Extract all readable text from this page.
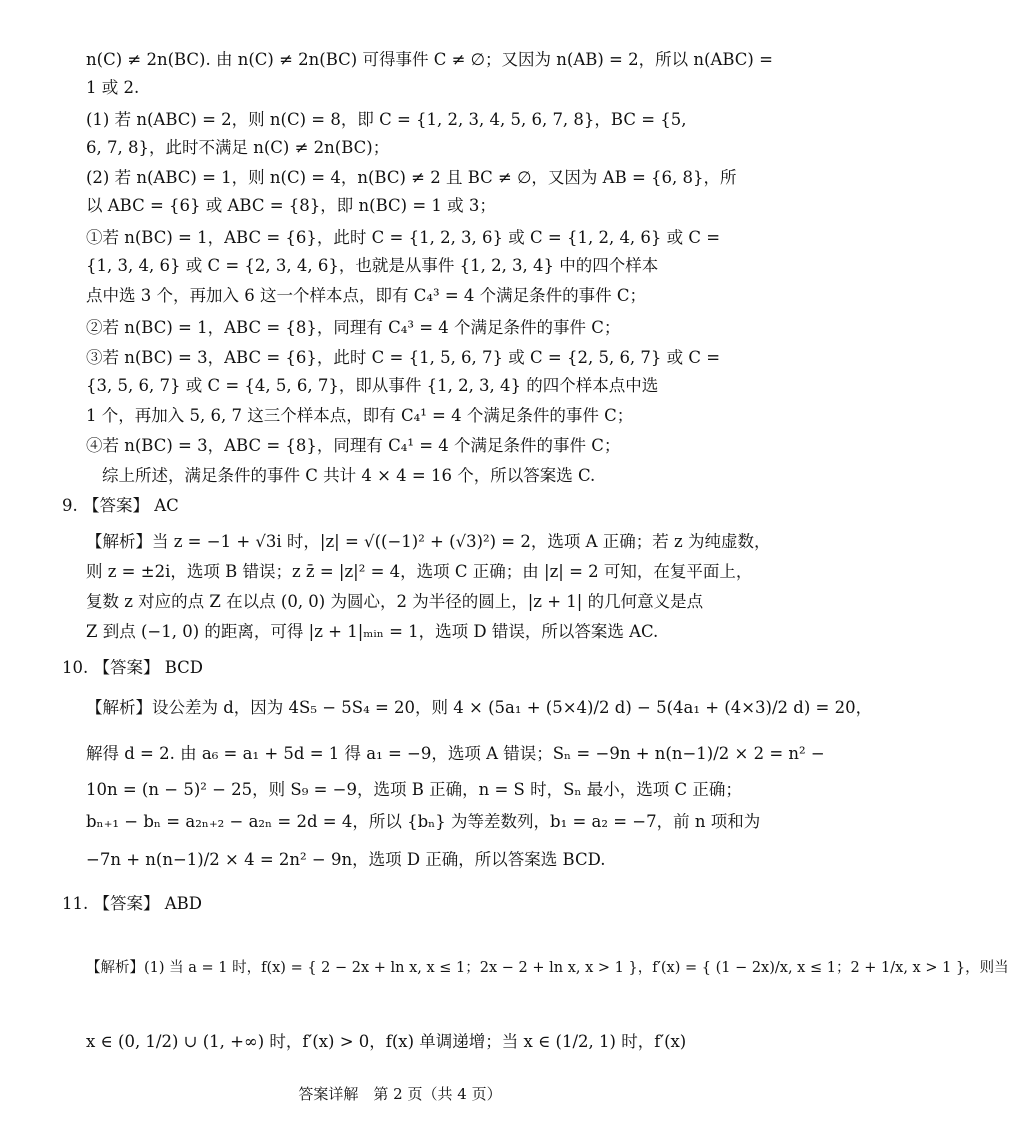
n(C) ≠ 2n(BC). 由 n(C) ≠ 2n(BC) 可得事件 C ≠ ∅；又因为 n(AB) = 2，所以 n(ABC) =
1 或 2.
(1) 若 n(ABC) = 2，则 n(C) = 8，即 C = {1, 2, 3, 4, 5, 6, 7, 8}，BC = {5,
6, 7, 8}，此时不满足 n(C) ≠ 2n(BC)；
(2) 若 n(ABC) = 1，则 n(C) = 4，n(BC) ≠ 2 且 BC ≠ ∅，又因为 AB = {6, 8}，所
以 ABC = {6} 或 ABC = {8}，即 n(BC) = 1 或 3；
①若 n(BC) = 1，ABC = {6}，此时 C = {1, 2, 3, 6} 或 C = {1, 2, 4, 6} 或 C =
{1, 3, 4, 6} 或 C = {2, 3, 4, 6}，也就是从事件 {1, 2, 3, 4} 中的四个样本
点中选 3 个，再加入 6 这一个样本点，即有 C₄³ = 4 个满足条件的事件 C；
②若 n(BC) = 1，ABC = {8}，同理有 C₄³ = 4 个满足条件的事件 C；
③若 n(BC) = 3，ABC = {6}，此时 C = {1, 5, 6, 7} 或 C = {2, 5, 6, 7} 或 C =
{3, 5, 6, 7} 或 C = {4, 5, 6, 7}，即从事件 {1, 2, 3, 4} 的四个样本点中选
1 个，再加入 5, 6, 7 这三个样本点，即有 C₄¹ = 4 个满足条件的事件 C；
④若 n(BC) = 3，ABC = {8}，同理有 C₄¹ = 4 个满足条件的事件 C；
综上所述，满足条件的事件 C 共计 4 × 4 = 16 个，所以答案选 C.
9. 【答案】 AC
【解析】当 z = −1 + √3i 时，|z| = √((−1)² + (√3)²) = 2，选项 A 正确；若 z 为纯虚数，
则 z = ±2i，选项 B 错误；z z̄ = |z|² = 4，选项 C 正确；由 |z| = 2 可知，在复平面上，
复数 z 对应的点 Z 在以点 (0, 0) 为圆心，2 为半径的圆上，|z + 1| 的几何意义是点
Z 到点 (−1, 0) 的距离，可得 |z + 1|ₘᵢₙ = 1，选项 D 错误，所以答案选 AC.
10. 【答案】 BCD
【解析】设公差为 d，因为 4S₅ − 5S₄ = 20，则 4 × (5a₁ + (5×4)/2 d) − 5(4a₁ + (4×3)/2 d) = 20，
解得 d = 2. 由 a₆ = a₁ + 5d = 1 得 a₁ = −9，选项 A 错误；Sₙ = −9n + n(n−1)/2 × 2 = n² −
10n = (n − 5)² − 25，则 S₉ = −9，选项 B 正确，n = S 时，Sₙ 最小，选项 C 正确；
bₙ₊₁ − bₙ = a₂ₙ₊₂ − a₂ₙ = 2d = 4，所以 {bₙ} 为等差数列，b₁ = a₂ = −7，前 n 项和为
−7n + n(n−1)/2 × 4 = 2n² − 9n，选项 D 正确，所以答案选 BCD.
11. 【答案】 ABD
【解析】(1) 当 a = 1 时，f(x) = { 2 − 2x + ln x, x ≤ 1；2x − 2 + ln x, x > 1 }，f′(x) = { (1 − 2x)/x, x ≤ 1；2 + 1/x, x > 1 }，则当
x ∈ (0, 1/2) ∪ (1, +∞) 时，f′(x) > 0，f(x) 单调递增；当 x ∈ (1/2, 1) 时，f′(x)
答案详解　第 2 页（共 4 页）
